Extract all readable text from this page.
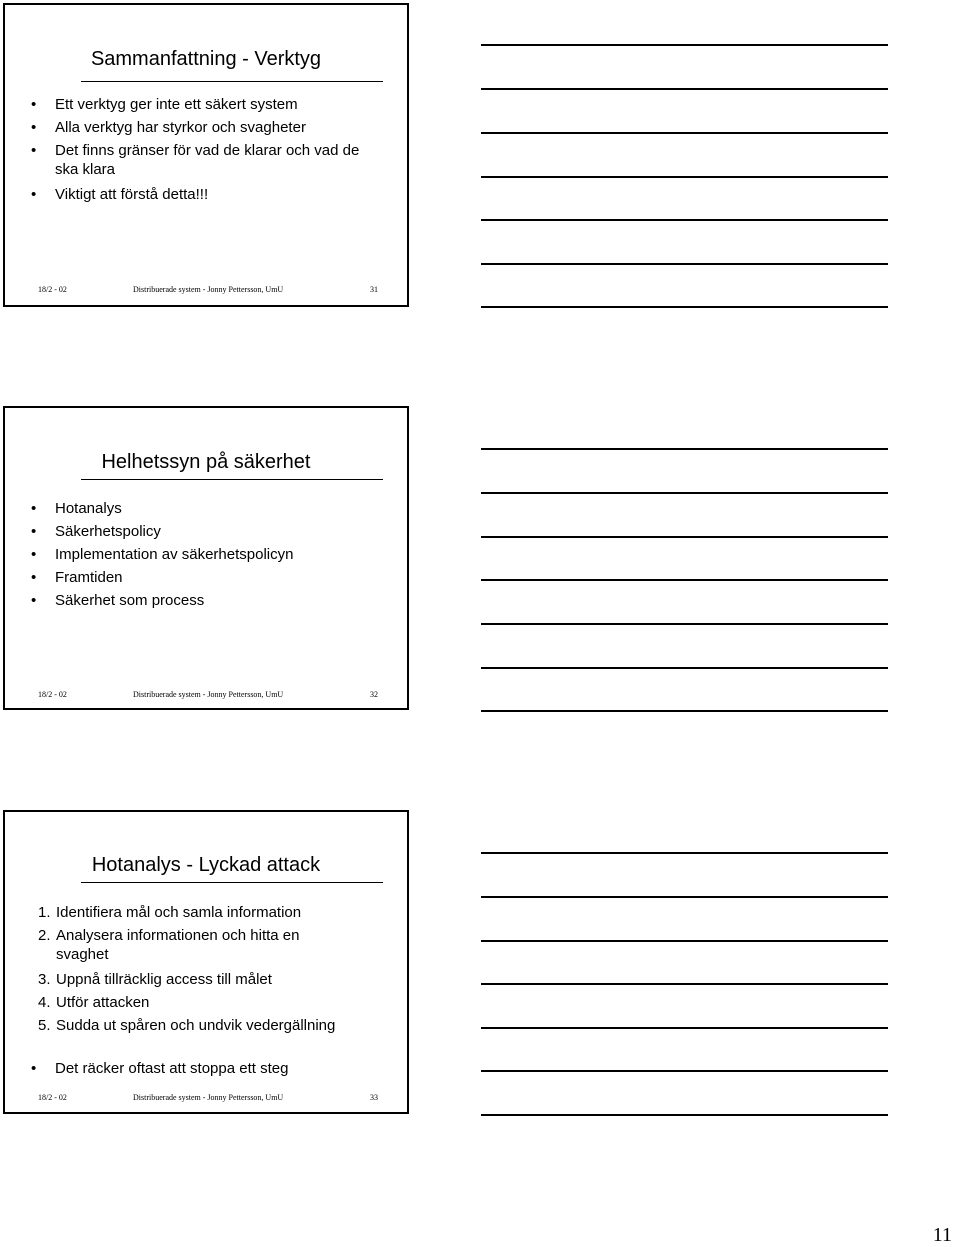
Sammanfattning - Verktyg
• Ett verktyg ger inte ett säkert system
• Alla verktyg har styrkor och svagheter
• Det finns gränser för vad de klarar och vad de ska klara
• Viktigt att förstå detta!!!
18/2 - 02	Distribuerade system - Jonny Pettersson, UmU	31
Helhetssyn på säkerhet
• Hotanalys
• Säkerhetspolicy
• Implementation av säkerhetspolicyn
• Framtiden
• Säkerhet som process
18/2 - 02	Distribuerade system - Jonny Pettersson, UmU	32
Hotanalys - Lyckad attack
1. Identifiera mål och samla information
2. Analysera informationen och hitta en svaghet
3. Uppnå tillräcklig access till målet
4. Utför attacken
5. Sudda ut spåren och undvik vedergällning
• Det räcker oftast att stoppa ett steg
18/2 - 02	Distribuerade system - Jonny Pettersson, UmU	33
11
